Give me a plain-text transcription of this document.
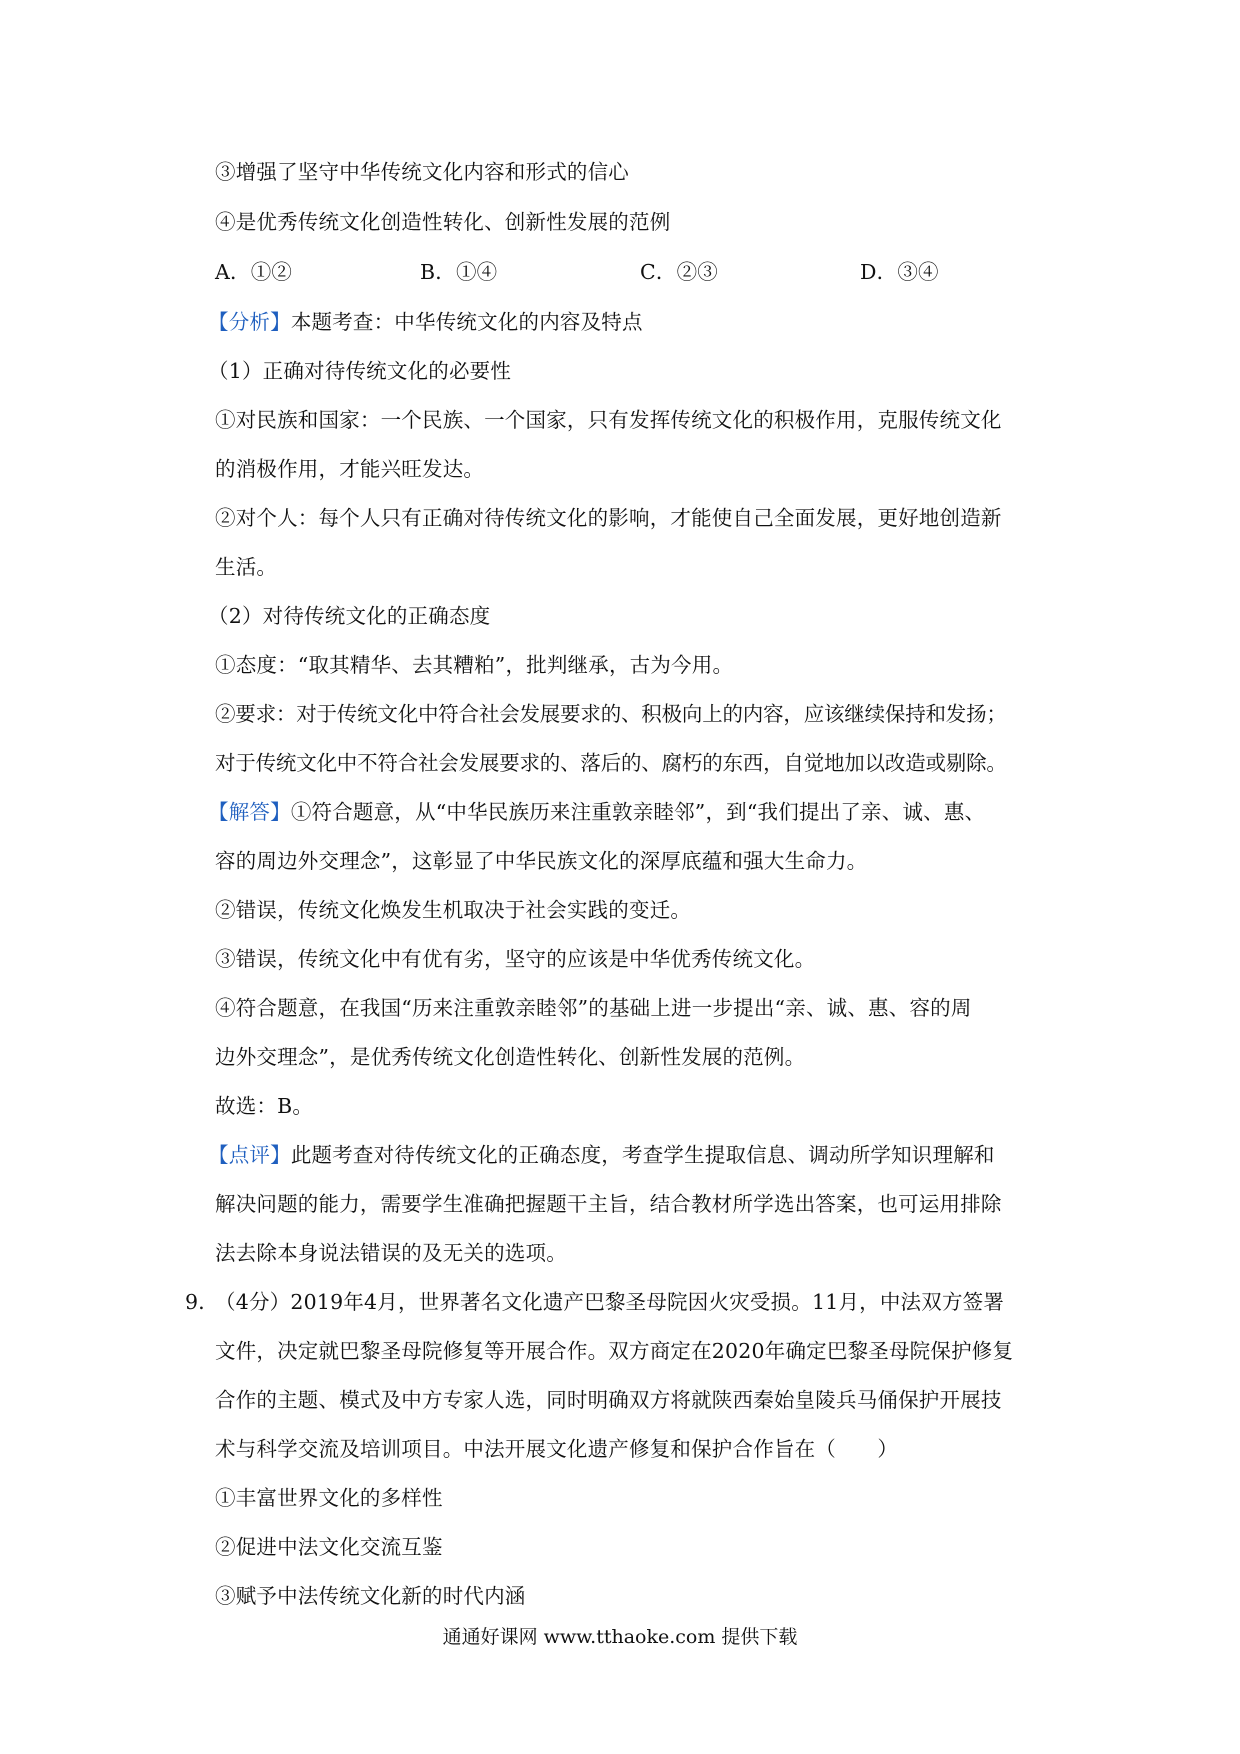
③增强了坚守中华传统文化内容和形式的信心
④是优秀传统文化创造性转化、创新性发展的范例
A．①②	B．①④	C．②③	D．③④
【分析】本题考查：中华传统文化的内容及特点
（1）正确对待传统文化的必要性
①对民族和国家：一个民族、一个国家，只有发挥传统文化的积极作用，克服传统文化
的消极作用，才能兴旺发达。
②对个人：每个人只有正确对待传统文化的影响，才能使自己全面发展，更好地创造新
生活。
（2）对待传统文化的正确态度
①态度：“取其精华、去其糟粕”，批判继承，古为今用。
②要求：对于传统文化中符合社会发展要求的、积极向上的内容，应该继续保持和发扬；
对于传统文化中不符合社会发展要求的、落后的、腐朽的东西，自觉地加以改造或剔除。
【解答】①符合题意，从“中华民族历来注重敦亲睦邻”，到“我们提出了亲、诚、惠、
容的周边外交理念”，这彰显了中华民族文化的深厚底蕴和强大生命力。
②错误，传统文化焕发生机取决于社会实践的变迁。
③错误，传统文化中有优有劣，坚守的应该是中华优秀传统文化。
④符合题意，在我国“历来注重敦亲睦邻”的基础上进一步提出“亲、诚、惠、容的周
边外交理念”，是优秀传统文化创造性转化、创新性发展的范例。
故选：B。
【点评】此题考查对待传统文化的正确态度，考查学生提取信息、调动所学知识理解和
解决问题的能力，需要学生准确把握题干主旨，结合教材所学选出答案，也可运用排除
法去除本身说法错误的及无关的选项。
9．
（4分）2019年4月，世界著名文化遗产巴黎圣母院因火灾受损。11月，中法双方签署
文件，决定就巴黎圣母院修复等开展合作。双方商定在2020年确定巴黎圣母院保护修复
合作的主题、模式及中方专家人选，同时明确双方将就陕西秦始皇陵兵马俑保护开展技
术与科学交流及培训项目。中法开展文化遗产修复和保护合作旨在（　　）
①丰富世界文化的多样性
②促进中法文化交流互鉴
③赋予中法传统文化新的时代内涵
通通好课网 www.tthaoke.com 提供下载
